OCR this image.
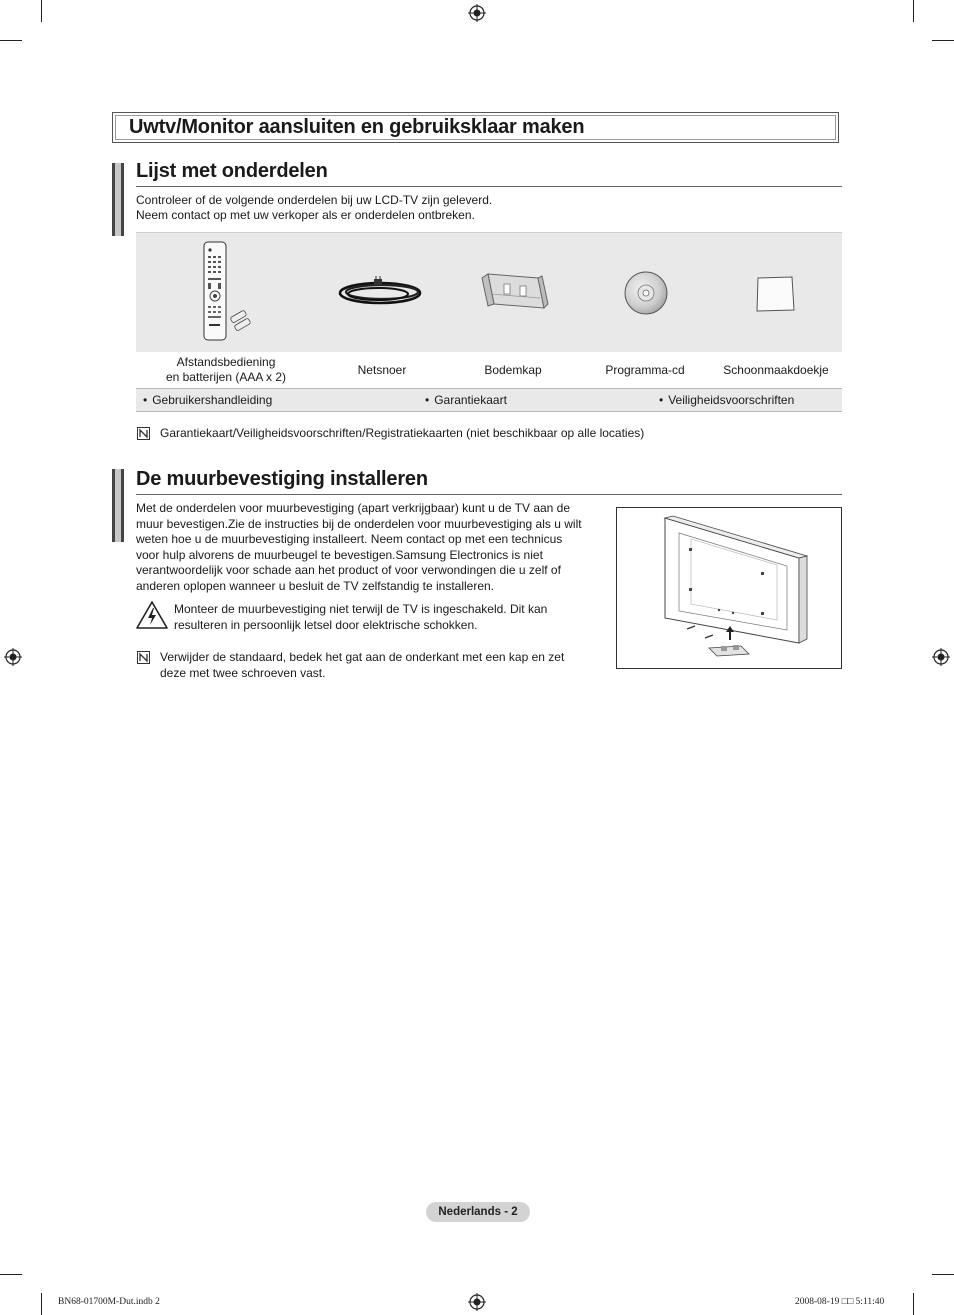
Uwtv/Monitor aansluiten en gebruiksklaar maken
Lijst met onderdelen
Controleer of de volgende onderdelen bij uw LCD-TV zijn geleverd.
Neem contact op met uw verkoper als er onderdelen ontbreken.
Afstandsbediening
en batterijen (AAA x 2)	Netsnoer	Bodemkap	Programma-cd	Schoonmaakdoekje
• Gebruikershandleiding	• Garantiekaart	• Veiligheidsvoorschriften
Garantiekaart/Veiligheidsvoorschriften/Registratiekaarten (niet beschikbaar op alle locaties)
De muurbevestiging installeren
Met de onderdelen voor muurbevestiging (apart verkrijgbaar) kunt u de TV aan de
muur bevestigen.Zie de instructies bij de onderdelen voor muurbevestiging als u wilt
weten hoe u de muurbevestiging installeert. Neem contact op met een technicus
voor hulp alvorens de muurbeugel te bevestigen.Samsung Electronics is niet
verantwoordelijk voor schade aan het product of voor verwondingen die u zelf of
anderen oplopen wanneer u besluit de TV zelfstandig te installeren.
Monteer de muurbevestiging niet terwijl de TV is ingeschakeld. Dit kan
resulteren in persoonlijk letsel door elektrische schokken.
Verwijder de standaard, bedek het gat aan de onderkant met een kap en zet
deze met twee schroeven vast.
Nederlands - 2
BN68-01700M-Dut.indb 2	2008-08-19 □□ 5:11:40
